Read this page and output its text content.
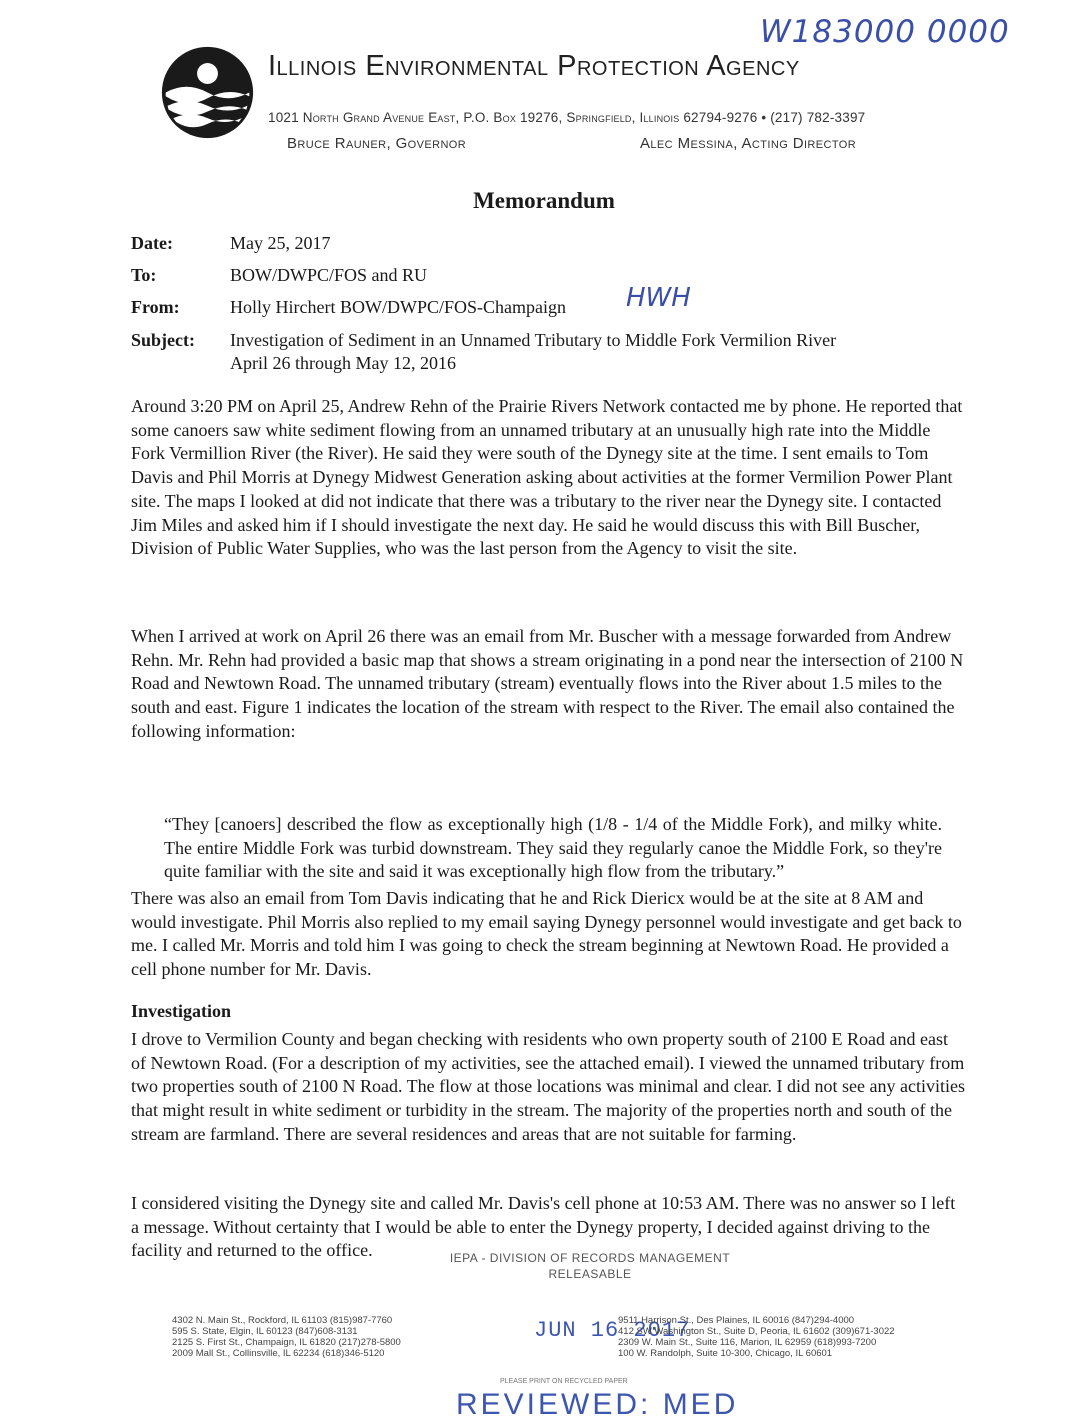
W183000 0000
Illinois Environmental Protection Agency
1021 North Grand Avenue East, P.O. Box 19276, Springfield, Illinois 62794-9276 • (217) 782-3397
Bruce Rauner, Governor	Alec Messina, Acting Director
Memorandum
Date:	May 25, 2017
To:	BOW/DWPC/FOS and RU
From:	Holly Hirchert BOW/DWPC/FOS-Champaign	HWH
Subject: Investigation of Sediment in an Unnamed Tributary to Middle Fork Vermilion River
April 26 through May 12, 2016

Around 3:20 PM on April 25, Andrew Rehn of the Prairie Rivers Network contacted me by phone. He reported that some canoers saw white sediment flowing from an unnamed tributary at an unusually high rate into the Middle Fork Vermillion River (the River). He said they were south of the Dynegy site at the time. I sent emails to Tom Davis and Phil Morris at Dynegy Midwest Generation asking about activities at the former Vermilion Power Plant site. The maps I looked at did not indicate that there was a tributary to the river near the Dynegy site. I contacted Jim Miles and asked him if I should investigate the next day. He said he would discuss this with Bill Buscher, Division of Public Water Supplies, who was the last person from the Agency to visit the site.

When I arrived at work on April 26 there was an email from Mr. Buscher with a message forwarded from Andrew Rehn. Mr. Rehn had provided a basic map that shows a stream originating in a pond near the intersection of 2100 N Road and Newtown Road. The unnamed tributary (stream) eventually flows into the River about 1.5 miles to the south and east. Figure 1 indicates the location of the stream with respect to the River. The email also contained the following information:

“They [canoers] described the flow as exceptionally high (1/8 - 1/4 of the Middle Fork), and milky white. The entire Middle Fork was turbid downstream. They said they regularly canoe the Middle Fork, so they're quite familiar with the site and said it was exceptionally high flow from the tributary.”

There was also an email from Tom Davis indicating that he and Rick Diericx would be at the site at 8 AM and would investigate. Phil Morris also replied to my email saying Dynegy personnel would investigate and get back to me. I called Mr. Morris and told him I was going to check the stream beginning at Newtown Road. He provided a cell phone number for Mr. Davis.

Investigation

I drove to Vermilion County and began checking with residents who own property south of 2100 E Road and east of Newtown Road. (For a description of my activities, see the attached email). I viewed the unnamed tributary from two properties south of 2100 N Road. The flow at those locations was minimal and clear. I did not see any activities that might result in white sediment or turbidity in the stream. The majority of the properties north and south of the stream are farmland. There are several residences and areas that are not suitable for farming.

I considered visiting the Dynegy site and called Mr. Davis's cell phone at 10:53 AM. There was no answer so I left a message. Without certainty that I would be able to enter the Dynegy property, I decided against driving to the facility and returned to the office.	IEPA - DIVISION OF RECORDS MANAGEMENT
RELEASABLE
4302 N. Main St., Rockford, IL 61103 (815)987-7760
595 S. State, Elgin, IL 60123 (847)608-3131
2125 S. First St., Champaign, IL 61820 (217)278-5800
2009 Mall St., Collinsville, IL 62234 (618)346-5120
JUN 16 2017
9511 Harrison St., Des Plaines, IL 60016 (847)294-4000
412 SW Washington St., Suite D, Peoria, IL 61602 (309)671-3022
2309 W. Main St., Suite 116, Marion, IL 62959 (618)993-7200
100 W. Randolph, Suite 10-300, Chicago, IL 60601
PLEASE PRINT ON RECYCLED PAPER
REVIEWED: MED
